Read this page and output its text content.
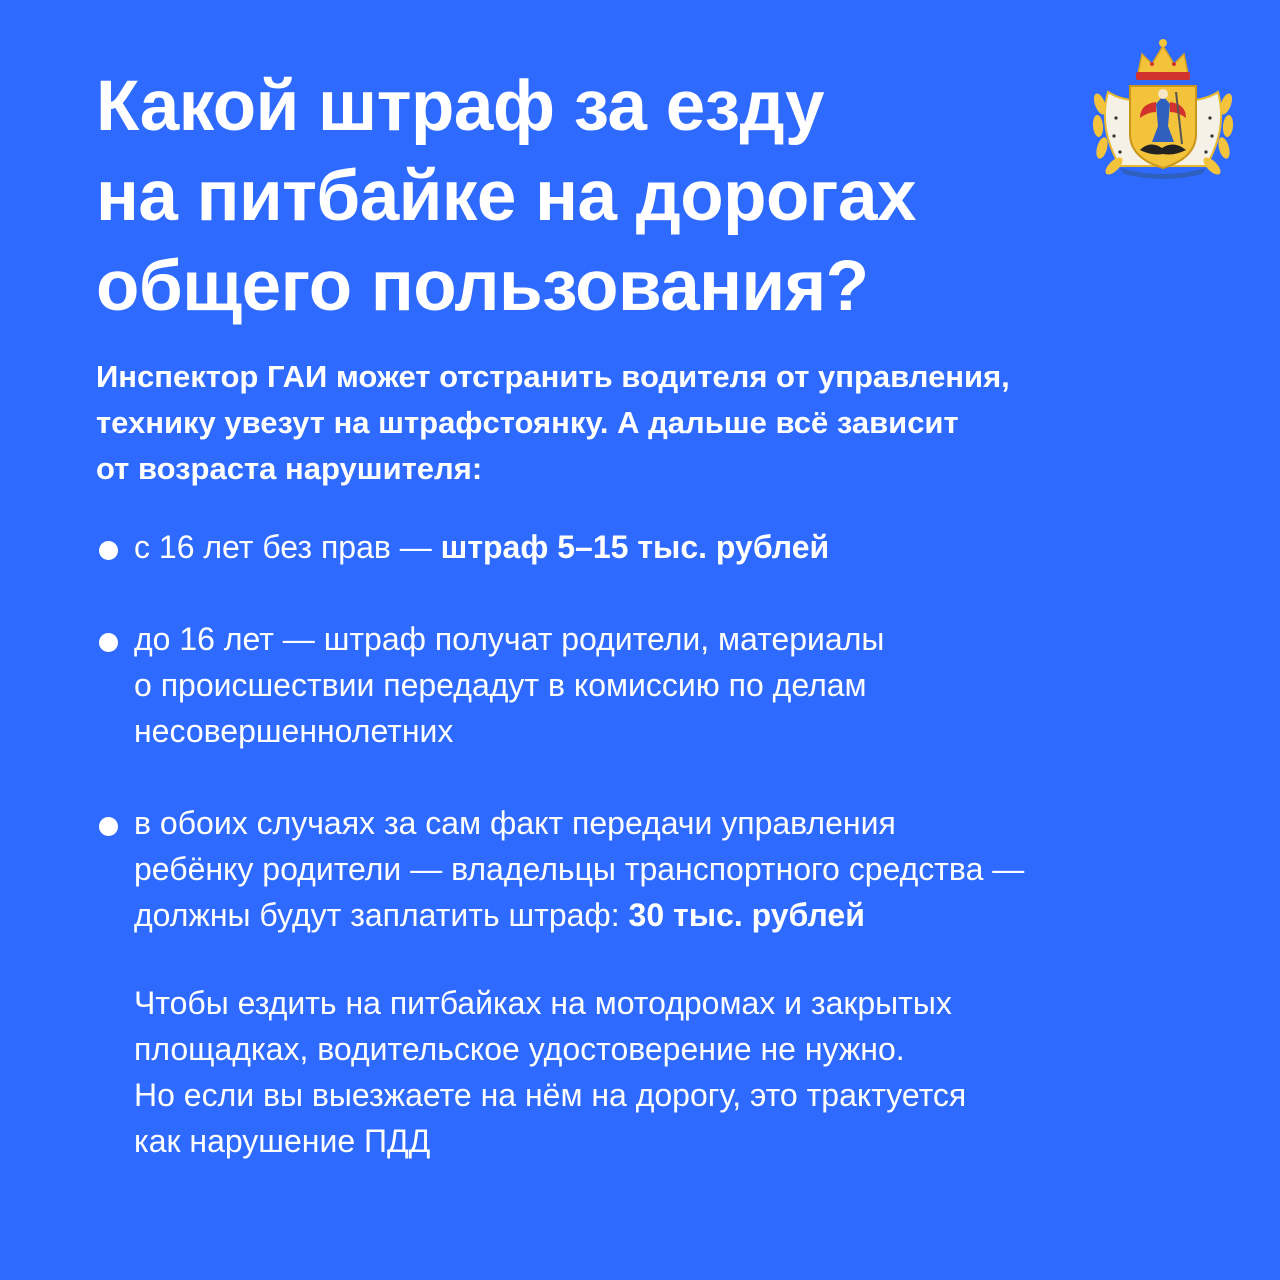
Какой штраф за езду
на питбайке на дорогах
общего пользования?

Инспектор ГАИ может отстранить водителя от управления,
технику увезут на штрафстоянку. А дальше всё зависит
от возраста нарушителя:

с 16 лет без прав — штраф 5–15 тыс. рублей
до 16 лет — штраф получат родители, материалы
о происшествии передадут в комиссию по делам
несовершеннолетних
в обоих случаях за сам факт передачи управления
ребёнку родители — владельцы транспортного средства —
должны будут заплатить штраф: 30 тыс. рублей

Чтобы ездить на питбайках на мотодромах и закрытых
площадках, водительское удостоверение не нужно.
Но если вы выезжаете на нём на дорогу, это трактуется
как нарушение ПДД
